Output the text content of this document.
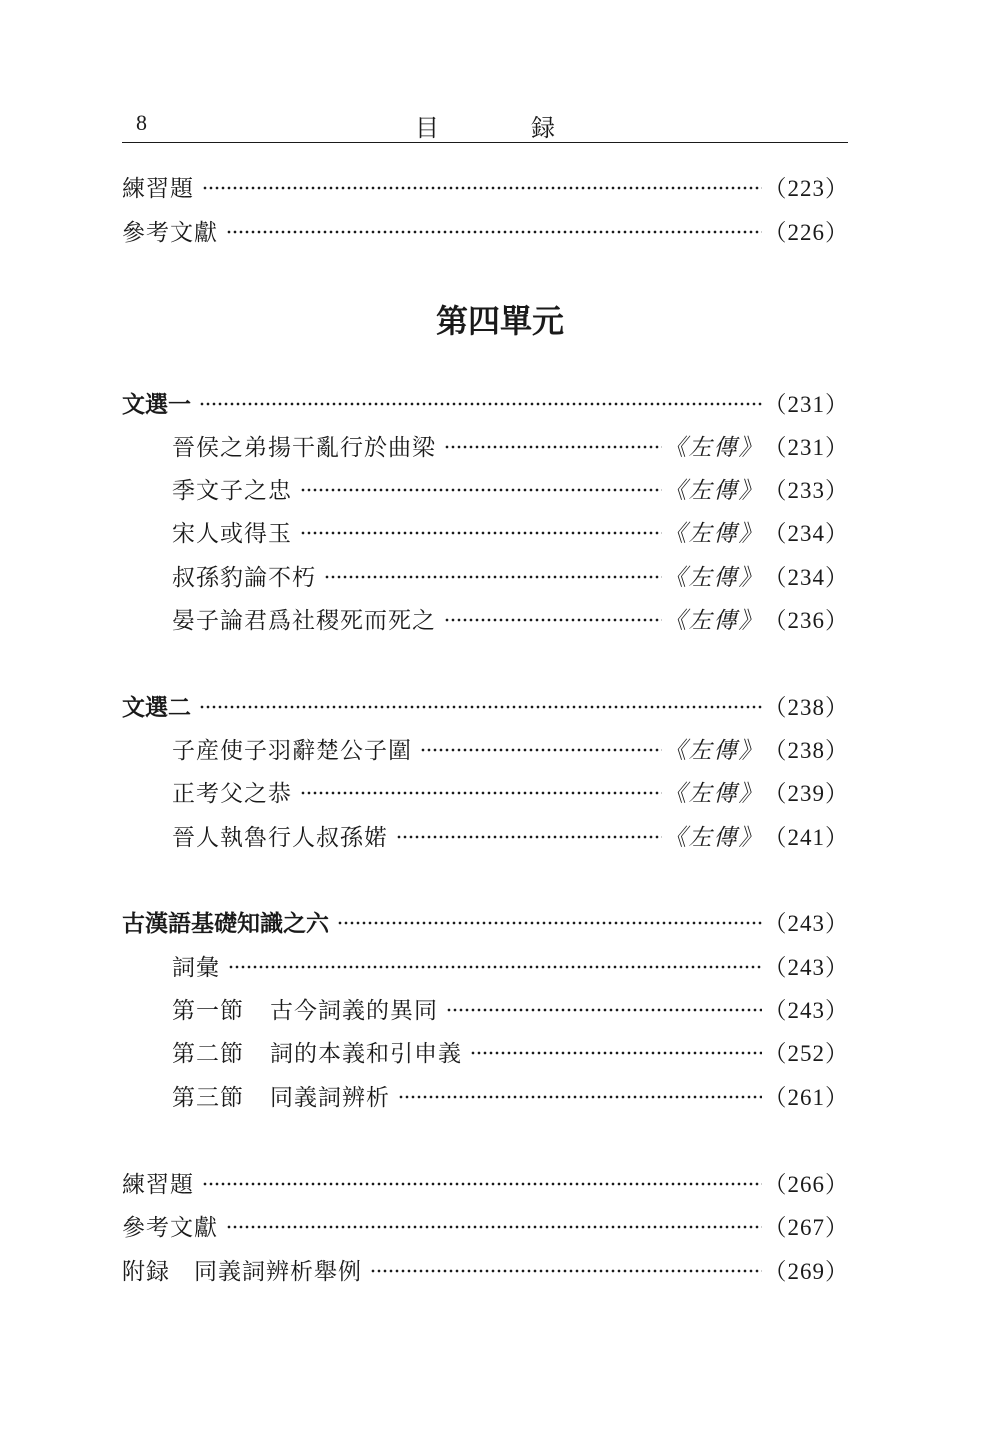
8	目　録
練習題	（223）
參考文獻	（226）
第四單元
文選一	（231）
晉侯之弟揚干亂行於曲梁	《左傳》 （231）
季文子之忠	《左傳》 （233）
宋人或得玉	《左傳》 （234）
叔孫豹論不朽	《左傳》 （234）
晏子論君爲社稷死而死之	《左傳》 （236）
文選二	（238）
子産使子羽辭楚公子圍	《左傳》 （238）
正考父之恭	《左傳》 （239）
晉人執魯行人叔孫婼	《左傳》 （241）
古漢語基礎知識之六	（243）
詞彙	（243）
第一節 古今詞義的異同	（243）
第二節 詞的本義和引申義	（252）
第三節 同義詞辨析	（261）
練習題	（266）
參考文獻	（267）
附録　 同義詞辨析舉例	（269）
